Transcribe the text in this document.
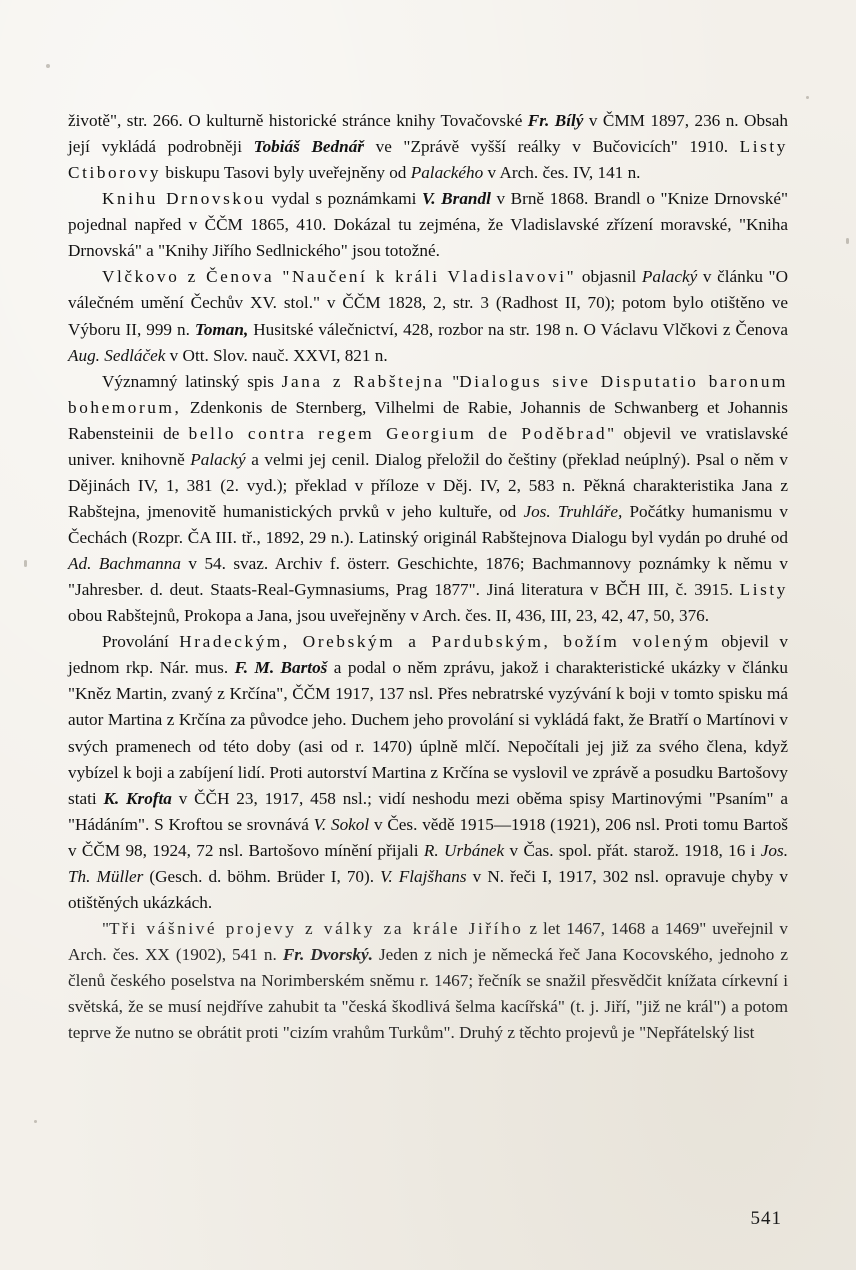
životě", str. 266. O kulturně historické stránce knihy Tovačovské Fr. Bílý v ČMM 1897, 236 n. Obsah její vykládá podrobněji Tobiáš Bednář ve "Zprávě vyšší reálky v Bučovicích" 1910. Listy Ctiborovy biskupu Tasovi byly uveřejněny od Palackého v Arch. čes. IV, 141 n.

Knihu Drnovskou vydal s poznámkami V. Brandl v Brně 1868. Brandl o "Knize Drnovské" pojednal napřed v ČČM 1865, 410. Dokázal tu zejména, že Vladislavské zřízení moravské, "Kniha Drnovská" a "Knihy Jiřího Sedlnického" jsou totožné.

Vlčkovo z Čenova "Naučení k králi Vladislavovi" objasnil Palacký v článku "O válečném umění Čechův XV. stol." v ČČM 1828, 2, str. 3 (Radhost II, 70); potom bylo otištěno ve Výboru II, 999 n. Toman, Husitské válečnictví, 428, rozbor na str. 198 n. O Václavu Vlčkovi z Čenova Aug. Sedláček v Ott. Slov. nauč. XXVI, 821 n.

Významný latinský spis Jana z Rabštejna "Dialogus sive Disputatio baronum bohemorum, Zdenkonis de Sternberg, Vilhelmi de Rabie, Johannis de Schwanberg et Johannis Rabensteinii de bello contra regem Georgium de Poděbrad" objevil ve vratislavské univer. knihovně Palacký a velmi jej cenil. Dialog přeložil do češtiny (překlad neúplný). Psal o něm v Dějinách IV, 1, 381 (2. vyd.); překlad v příloze v Děj. IV, 2, 583 n. Pěkná charakteristika Jana z Rabštejna, jmenovitě humanistických prvků v jeho kultuře, od Jos. Truhláře, Počátky humanismu v Čechách (Rozpr. ČA III. tř., 1892, 29 n.). Latinský originál Rabštejnova Dialogu byl vydán po druhé od Ad. Bachmanna v 54. svaz. Archiv f. österr. Geschichte, 1876; Bachmannovy poznámky k němu v "Jahresber. d. deut. Staats-Real-Gymnasiums, Prag 1877". Jiná literatura v BČH III, č. 3915. Listy obou Rabštejnů, Prokopa a Jana, jsou uveřejněny v Arch. čes. II, 436, III, 23, 42, 47, 50, 376.

Provolání Hradeckým, Orebským a Pardubským, božím voleným objevil v jednom rkp. Nár. mus. F. M. Bartoš a podal o něm zprávu, jakož i charakteristické ukázky v článku "Kněz Martin, zvaný z Krčína", ČČM 1917, 137 nsl. Přes nebratrské vyzývání k boji v tomto spisku má autor Martina z Krčína za původce jeho. Duchem jeho provolání si vykládá fakt, že Bratří o Martínovi v svých pramenech od této doby (asi od r. 1470) úplně mlčí. Nepočítali jej již za svého člena, když vybízel k boji a zabíjení lidí. Proti autorství Martina z Krčína se vyslovil ve zprávě a posudku Bartošovy stati K. Krofta v ČČH 23, 1917, 458 nsl.; vidí neshodu mezi oběma spisy Martinovými "Psaním" a "Hádáním". S Kroftou se srovnává V. Sokol v Čes. vědě 1915—1918 (1921), 206 nsl. Proti tomu Bartoš v ČČM 98, 1924, 72 nsl. Bartošovo mínění přijali R. Urbánek v Čas. spol. přát. starož. 1918, 16 i Jos. Th. Müller (Gesch. d. böhm. Brüder I, 70). V. Flajšhans v N. řeči I, 1917, 302 nsl. opravuje chyby v otištěných ukázkách.

"Tři vášnivé projevy z války za krále Jiřího z let 1467, 1468 a 1469" uveřejnil v Arch. čes. XX (1902), 541 n. Fr. Dvorský. Jeden z nich je německá řeč Jana Kocovského, jednoho z členů českého poselstva na Norimberském sněmu r. 1467; řečník se snažil přesvědčit knížata církevní i světská, že se musí nejdříve zahubit ta "česká škodlivá šelma kacířská" (t. j. Jiří, "již ne král") a potom teprve že nutno se obrátit proti "cizím vrahům Turkům". Druhý z těchto projevů je "Nepřátelský list

541
